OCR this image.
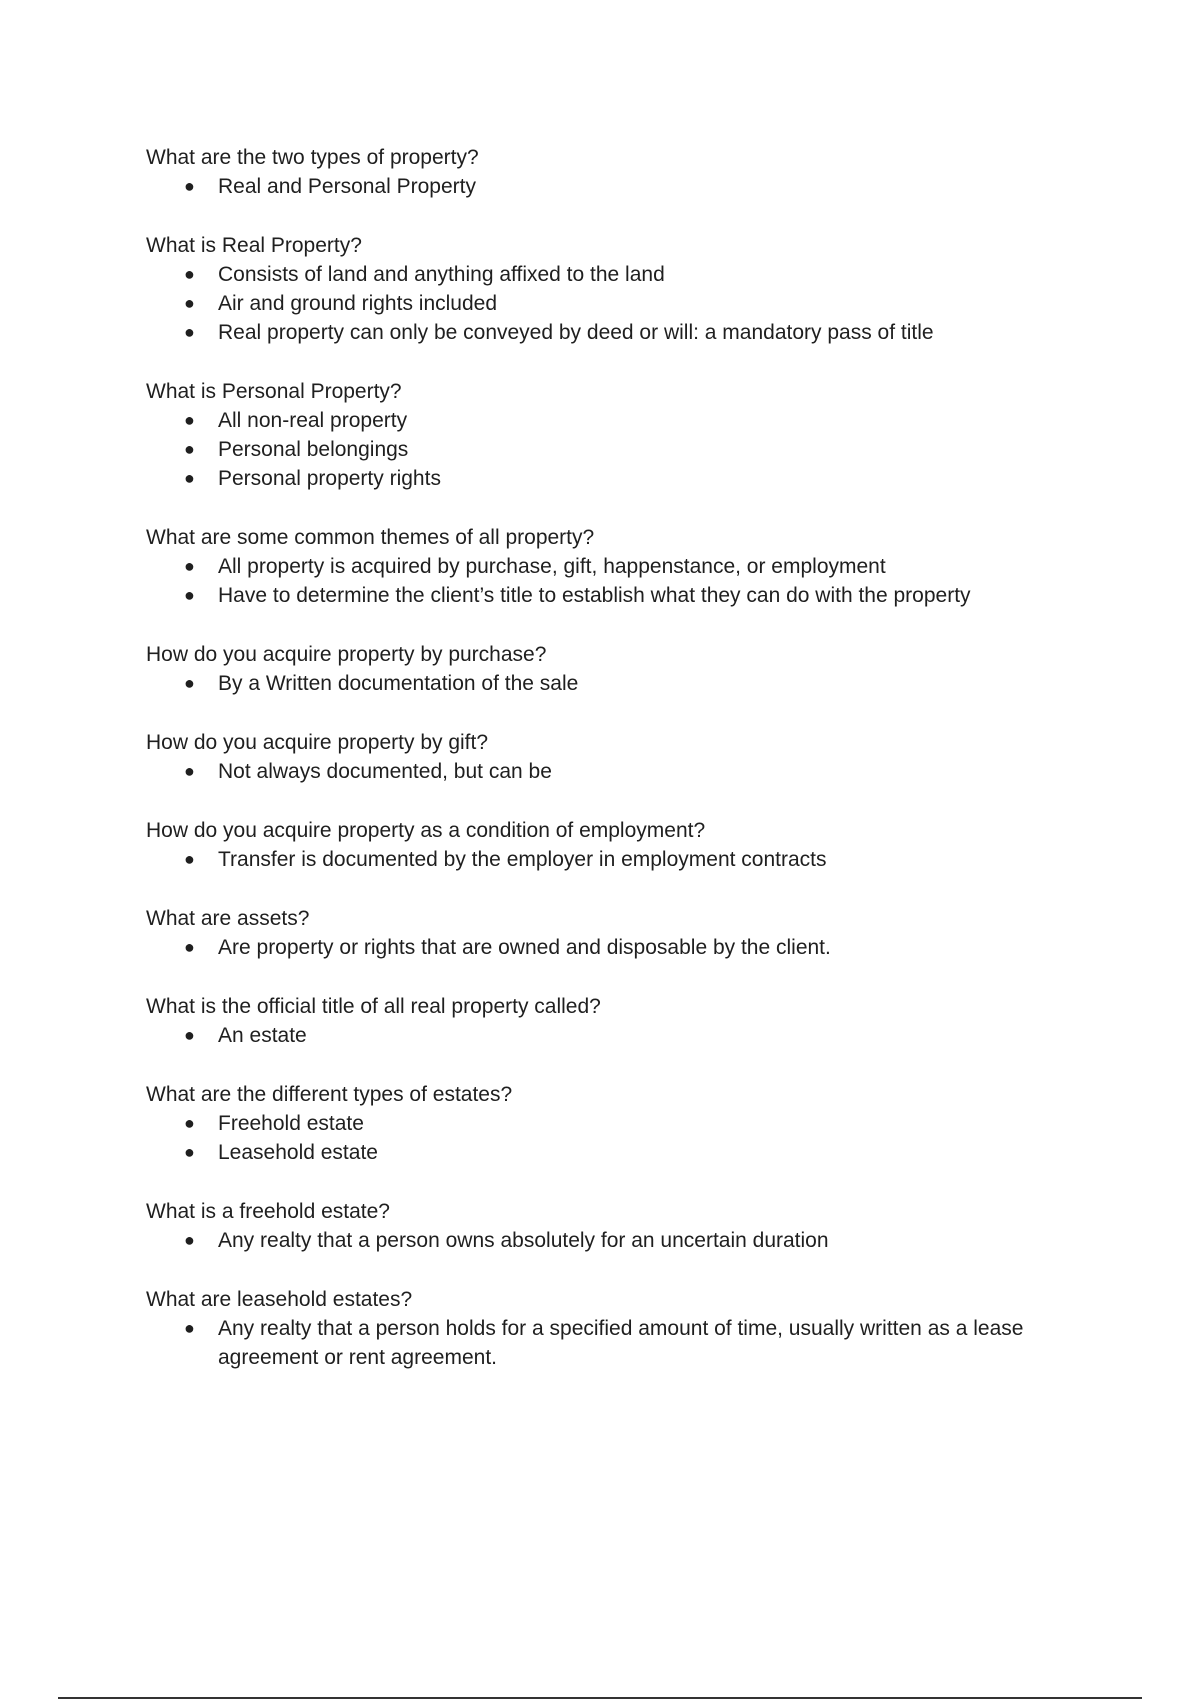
What are the two types of property?

● Real and Personal Property

What is Real Property?

● Consists of land and anything affixed to the land
● Air and ground rights included
● Real property can only be conveyed by deed or will: a mandatory pass of title

What is Personal Property?

● All non-real property
● Personal belongings
● Personal property rights

What are some common themes of all property?

● All property is acquired by purchase, gift, happenstance, or employment
● Have to determine the client’s title to establish what they can do with the property

How do you acquire property by purchase?

● By a Written documentation of the sale

How do you acquire property by gift?

● Not always documented, but can be

How do you acquire property as a condition of employment?

● Transfer is documented by the employer in employment contracts

What are assets?

● Are property or rights that are owned and disposable by the client.

What is the official title of all real property called?

● An estate

What are the different types of estates?

● Freehold estate
● Leasehold estate

What is a freehold estate?

● Any realty that a person owns absolutely for an uncertain duration

What are leasehold estates?

● Any realty that a person holds for a specified amount of time, usually written as a lease agreement or rent agreement.
